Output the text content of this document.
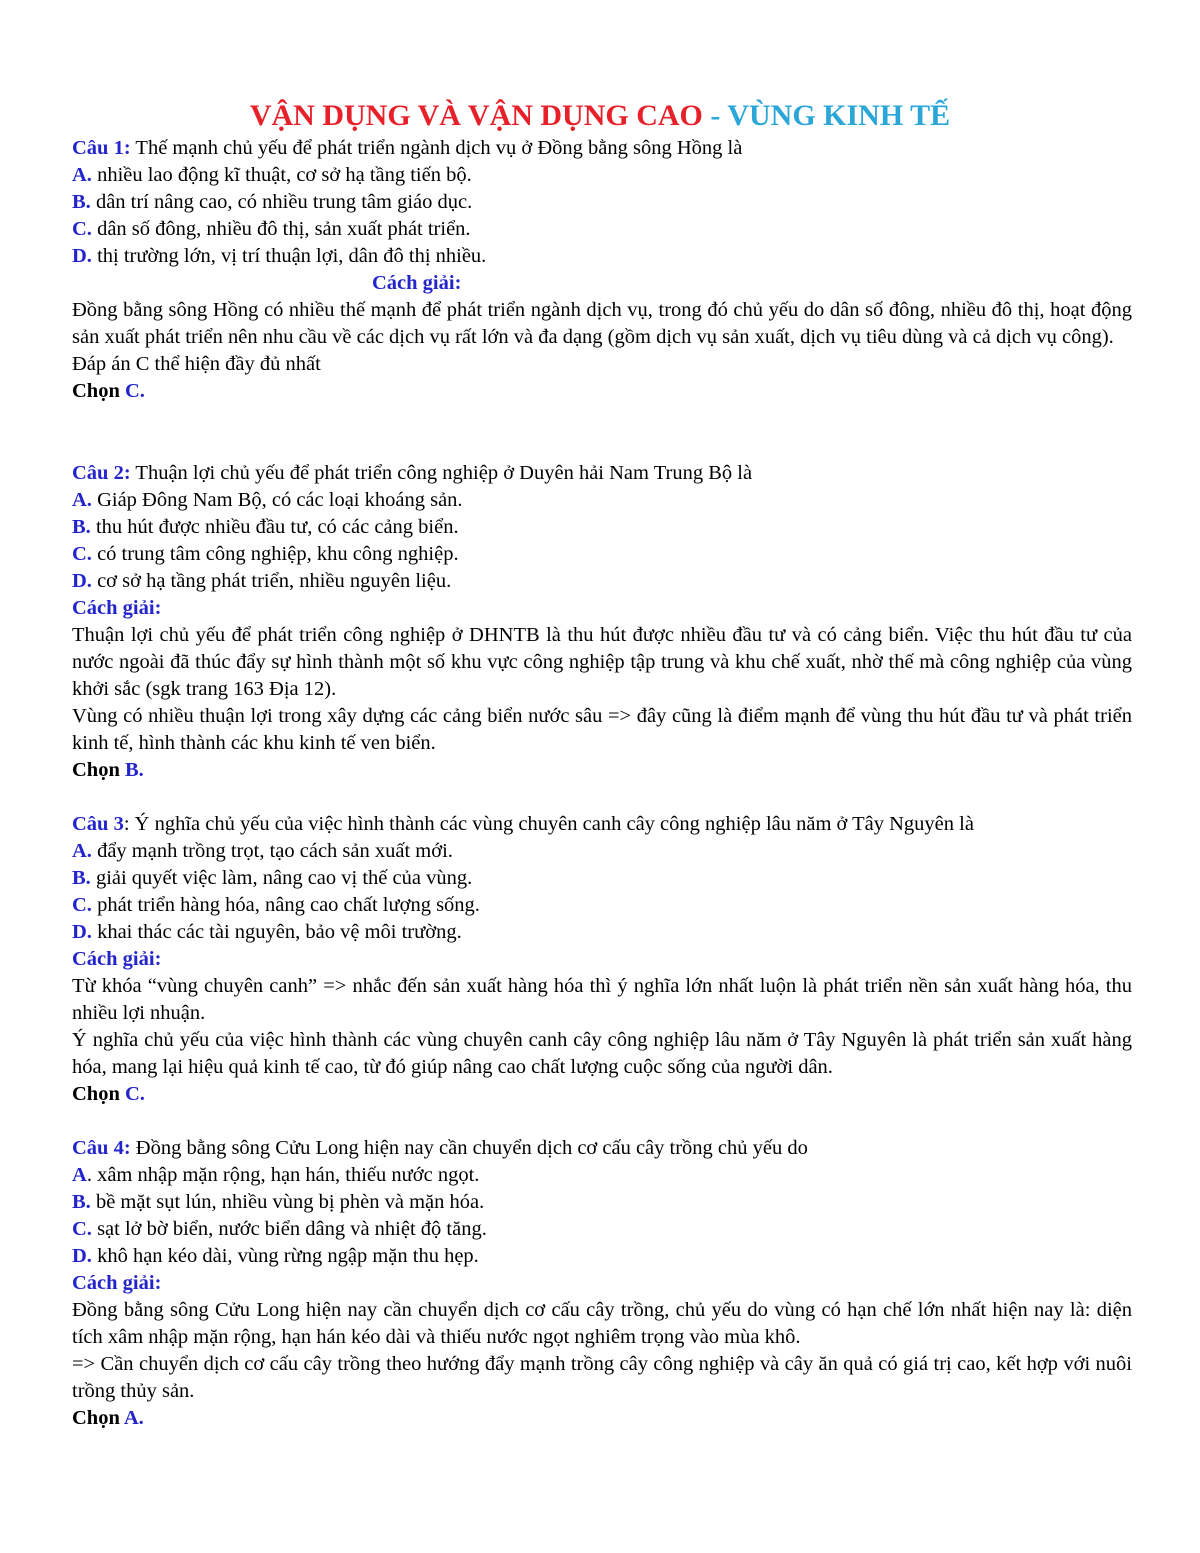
VẬN DỤNG VÀ VẬN DỤNG CAO - VÙNG KINH TẾ
Câu 1: Thế mạnh chủ yếu để phát triển ngành dịch vụ ở Đồng bằng sông Hồng là
A. nhiều lao động kĩ thuật, cơ sở hạ tầng tiến bộ.
B. dân trí nâng cao, có nhiều trung tâm giáo dục.
C. dân số đông, nhiều đô thị, sản xuất phát triển.
D. thị trường lớn, vị trí thuận lợi, dân đô thị nhiều.
Cách giải:
Đồng bằng sông Hồng có nhiều thế mạnh để phát triển ngành dịch vụ, trong đó chủ yếu do dân số đông, nhiều đô thị, hoạt động sản xuất phát triển nên nhu cầu về các dịch vụ rất lớn và đa dạng (gồm dịch vụ sản xuất, dịch vụ tiêu dùng và cả dịch vụ công).
Đáp án C thể hiện đầy đủ nhất
Chọn C.
Câu 2: Thuận lợi chủ yếu để phát triển công nghiệp ở Duyên hải Nam Trung Bộ là
A. Giáp Đông Nam Bộ, có các loại khoáng sản.
B. thu hút được nhiều đầu tư, có các cảng biển.
C. có trung tâm công nghiệp, khu công nghiệp.
D. cơ sở hạ tầng phát triển, nhiều nguyên liệu.
Cách giải:
Thuận lợi chủ yếu để phát triển công nghiệp ở DHNTB là thu hút được nhiều đầu tư và có cảng biển. Việc thu hút đầu tư của nước ngoài đã thúc đẩy sự hình thành một số khu vực công nghiệp tập trung và khu chế xuất, nhờ thế mà công nghiệp của vùng khởi sắc (sgk trang 163 Địa 12).
Vùng có nhiều thuận lợi trong xây dựng các cảng biển nước sâu => đây cũng là điểm mạnh để vùng thu hút đầu tư và phát triển kinh tế, hình thành các khu kinh tế ven biển.
Chọn B.
Câu 3: Ý nghĩa chủ yếu của việc hình thành các vùng chuyên canh cây công nghiệp lâu năm ở Tây Nguyên là
A. đẩy mạnh trồng trọt, tạo cách sản xuất mới.
B. giải quyết việc làm, nâng cao vị thế của vùng.
C. phát triển hàng hóa, nâng cao chất lượng sống.
D. khai thác các tài nguyên, bảo vệ môi trường.
Cách giải:
Từ khóa “vùng chuyên canh” => nhắc đến sản xuất hàng hóa thì ý nghĩa lớn nhất luộn là phát triển nền sản xuất hàng hóa, thu nhiều lợi nhuận.
Ý nghĩa chủ yếu của việc hình thành các vùng chuyên canh cây công nghiệp lâu năm ở Tây Nguyên là phát triển sản xuất hàng hóa, mang lại hiệu quả kinh tế cao, từ đó giúp nâng cao chất lượng cuộc sống của người dân.
Chọn C.
Câu 4: Đồng bằng sông Cửu Long hiện nay cần chuyển dịch cơ cấu cây trồng chủ yếu do
A. xâm nhập mặn rộng, hạn hán, thiếu nước ngọt.
B. bề mặt sụt lún, nhiều vùng bị phèn và mặn hóa.
C. sạt lở bờ biển, nước biển dâng và nhiệt độ tăng.
D. khô hạn kéo dài, vùng rừng ngập mặn thu hẹp.
Cách giải:
Đồng bằng sông Cửu Long hiện nay cần chuyển dịch cơ cấu cây trồng, chủ yếu do vùng có hạn chế lớn nhất hiện nay là: diện tích xâm nhập mặn rộng, hạn hán kéo dài và thiếu nước ngọt nghiêm trọng vào mùa khô.
=> Cần chuyển dịch cơ cấu cây trồng theo hướng đẩy mạnh trồng cây công nghiệp và cây ăn quả có giá trị cao, kết hợp với nuôi trồng thủy sản.
Chọn A.
